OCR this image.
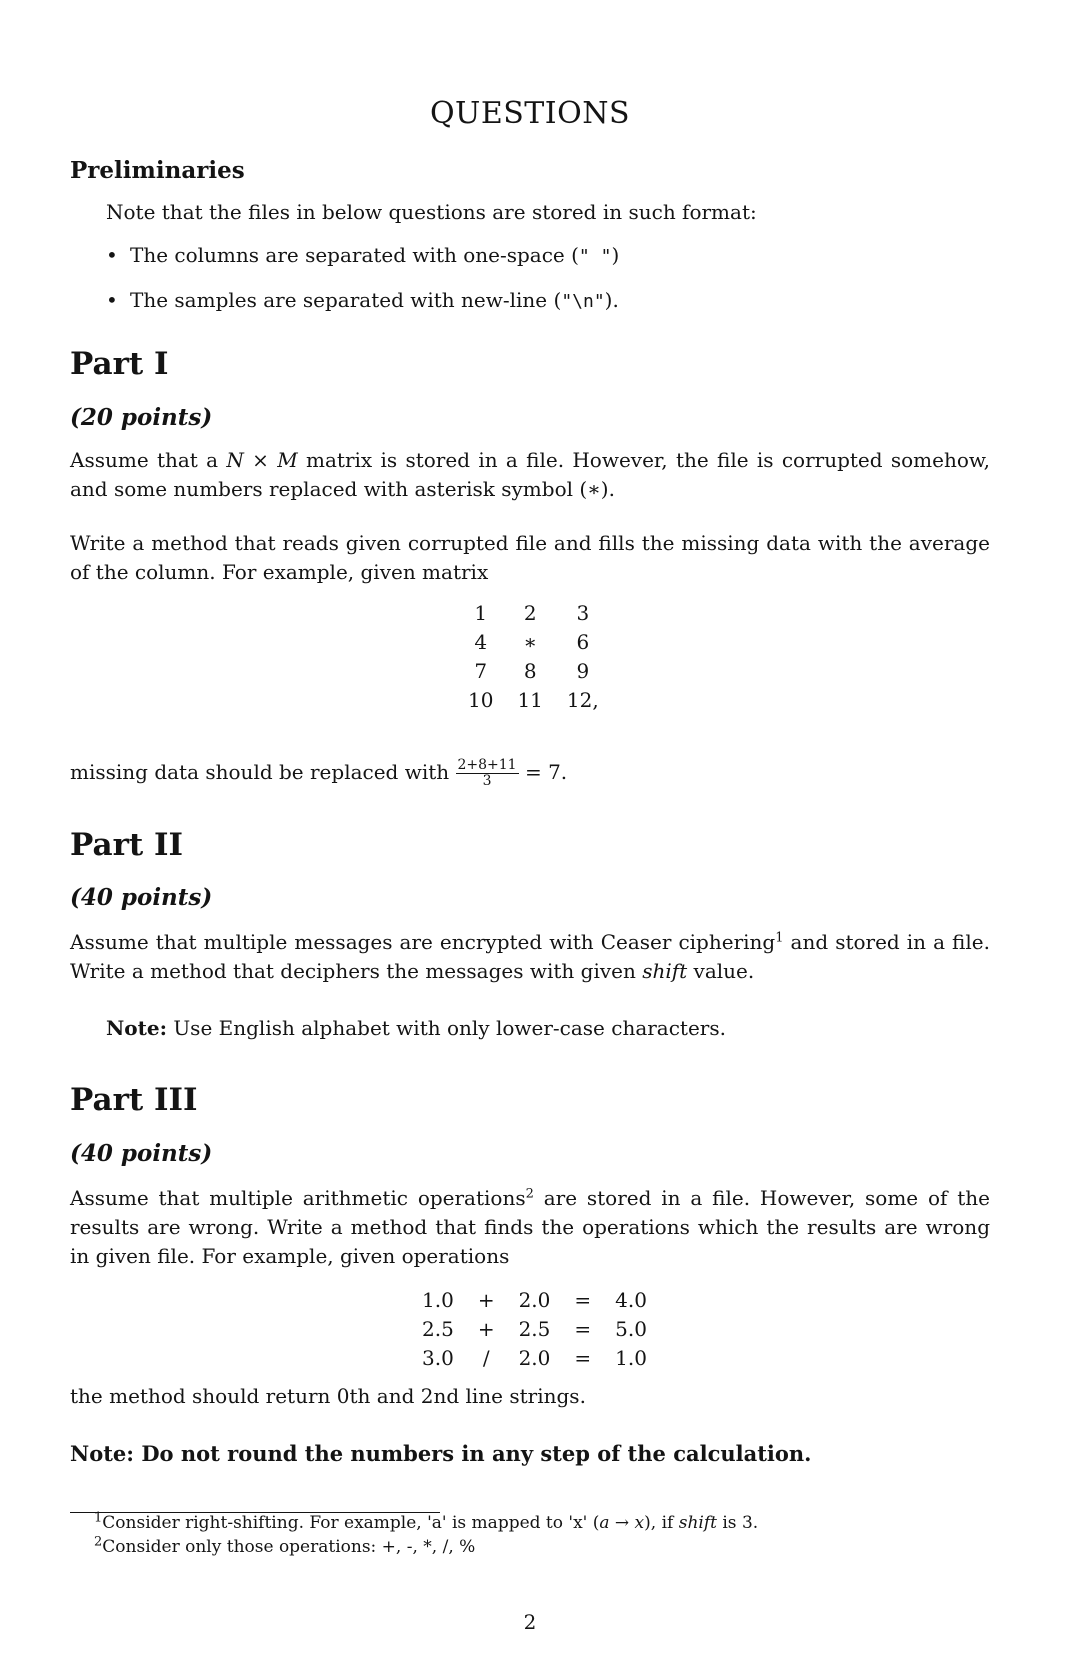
QUESTIONS
Preliminaries
Note that the files in below questions are stored in such format:
• The columns are separated with one-space (" ")
• The samples are separated with new-line ("\n").
Part I
(20 points)
Assume that a N × M matrix is stored in a file. However, the file is corrupted somehow, and some numbers replaced with asterisk symbol (∗).
Write a method that reads given corrupted file and fills the missing data with the average of the column. For example, given matrix
1	2	3
4	∗	6
7	8	9
10	11	12,
missing data should be replaced with $\frac{2+8+11}{3} = 7$.
Part II
(40 points)
Assume that multiple messages are encrypted with Ceaser ciphering$^1$ and stored in a file. Write a method that deciphers the messages with given shift value.
Note: Use English alphabet with only lower-case characters.
Part III
(40 points)
Assume that multiple arithmetic operations$^2$ are stored in a file. However, some of the results are wrong. Write a method that finds the operations which the results are wrong in given file. For example, given operations
1.0	+	2.0	=	4.0
2.5	+	2.5	=	5.0
3.0	/	2.0	=	1.0
the method should return 0th and 2nd line strings.
Note: Do not round the numbers in any step of the calculation.
$^1$Consider right-shifting. For example, 'a' is mapped to 'x' (a → x), if shift is 3.
$^2$Consider only those operations: +, -, *, /, %
2
